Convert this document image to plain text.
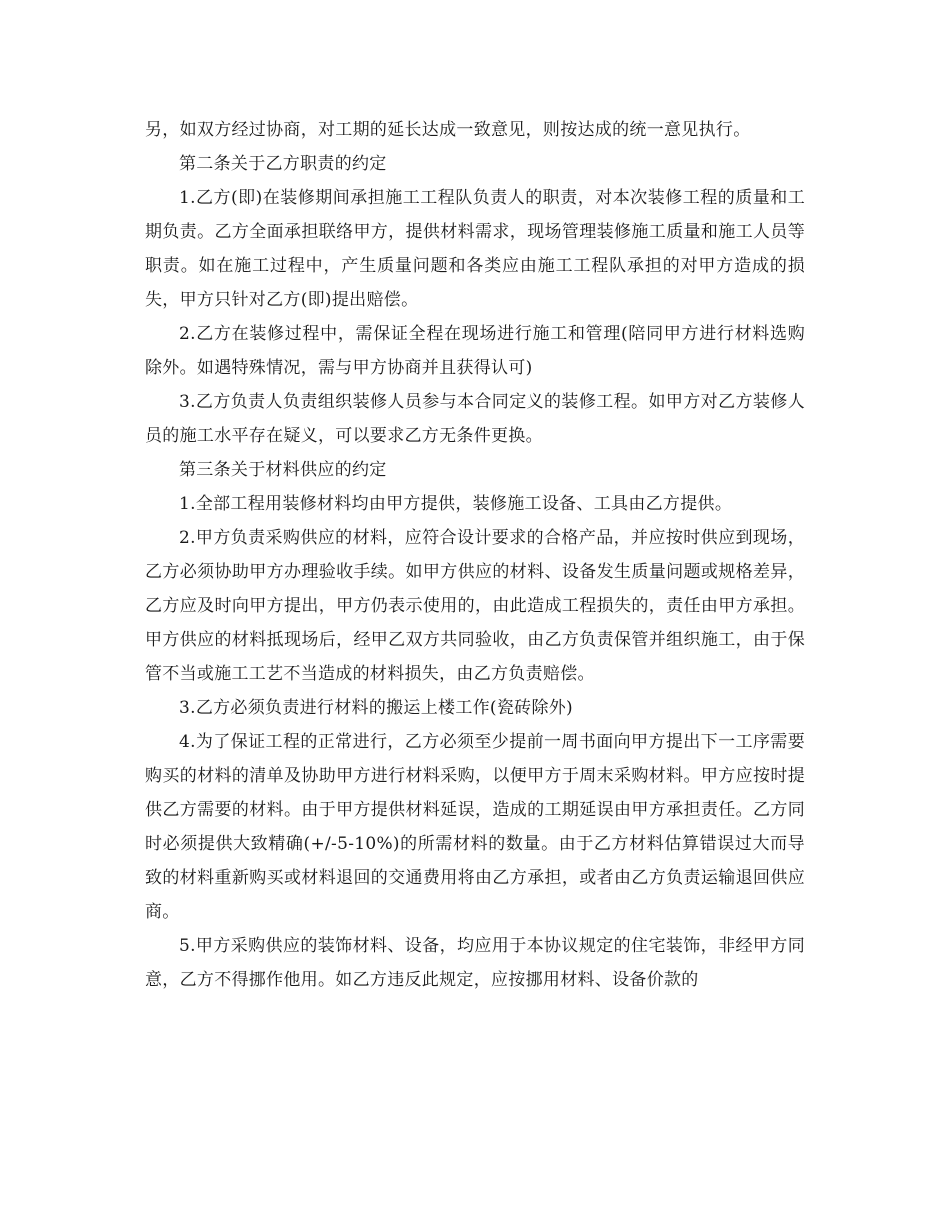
另，如双方经过协商，对工期的延长达成一致意见，则按达成的统一意见执行。

第二条关于乙方职责的约定

1.乙方(即)在装修期间承担施工工程队负责人的职责，对本次装修工程的质量和工期负责。乙方全面承担联络甲方，提供材料需求，现场管理装修施工质量和施工人员等职责。如在施工过程中，产生质量问题和各类应由施工工程队承担的对甲方造成的损失，甲方只针对乙方(即)提出赔偿。

2.乙方在装修过程中，需保证全程在现场进行施工和管理(陪同甲方进行材料选购除外。如遇特殊情况，需与甲方协商并且获得认可)

3.乙方负责人负责组织装修人员参与本合同定义的装修工程。如甲方对乙方装修人员的施工水平存在疑义，可以要求乙方无条件更换。

第三条关于材料供应的约定

1.全部工程用装修材料均由甲方提供，装修施工设备、工具由乙方提供。

2.甲方负责采购供应的材料，应符合设计要求的合格产品，并应按时供应到现场，乙方必须协助甲方办理验收手续。如甲方供应的材料、设备发生质量问题或规格差异，乙方应及时向甲方提出，甲方仍表示使用的，由此造成工程损失的，责任由甲方承担。甲方供应的材料抵现场后，经甲乙双方共同验收，由乙方负责保管并组织施工，由于保管不当或施工工艺不当造成的材料损失，由乙方负责赔偿。

3.乙方必须负责进行材料的搬运上楼工作(瓷砖除外)

4.为了保证工程的正常进行，乙方必须至少提前一周书面向甲方提出下一工序需要购买的材料的清单及协助甲方进行材料采购，以便甲方于周末采购材料。甲方应按时提供乙方需要的材料。由于甲方提供材料延误，造成的工期延误由甲方承担责任。乙方同时必须提供大致精确(+/-5-10%)的所需材料的数量。由于乙方材料估算错误过大而导致的材料重新购买或材料退回的交通费用将由乙方承担，或者由乙方负责运输退回供应商。

5.甲方采购供应的装饰材料、设备，均应用于本协议规定的住宅装饰，非经甲方同意，乙方不得挪作他用。如乙方违反此规定，应按挪用材料、设备价款的
